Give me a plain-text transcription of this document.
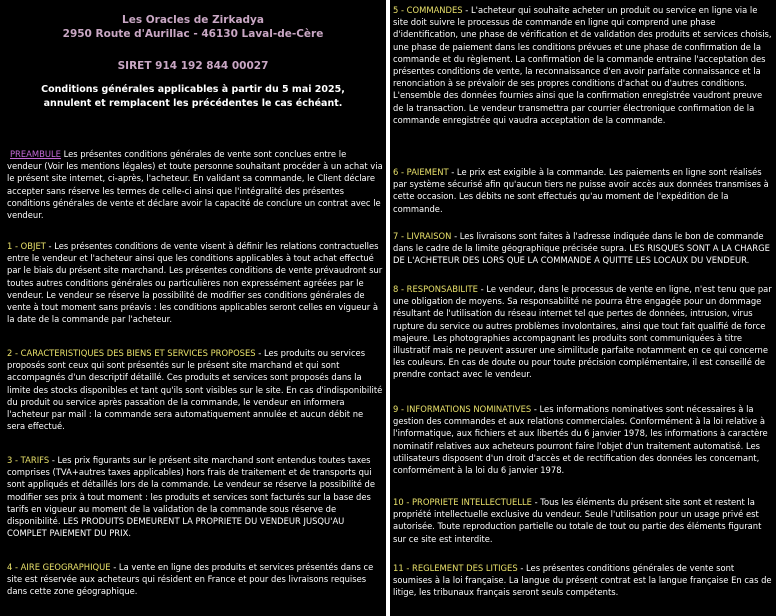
Les Oracles de Zirkadya
2950 Route d'Aurillac - 46130 Laval-de-Cère
SIRET 914 192 844 00027
Conditions générales applicables à partir du 5 mai 2025,
annulent et remplacent les précédentes le cas échéant.

PREAMBULE Les présentes conditions générales de vente sont conclues entre le vendeur (Voir les mentions légales) et toute personne souhaitant procéder à un achat via le présent site internet, ci-après, l'acheteur. En validant sa commande, le Client déclare accepter sans réserve les termes de celle-ci ainsi que l'intégralité des présentes conditions générales de vente et déclare avoir la capacité de conclure un contrat avec le vendeur.

1 - OBJET - Les présentes conditions de vente visent à définir les relations contractuelles entre le vendeur et l'acheteur ainsi que les conditions applicables à tout achat effectué par le biais du présent site marchand. Les présentes conditions de vente prévaudront sur toutes autres conditions générales ou particulières non expressément agréées par le vendeur. Le vendeur se réserve la possibilité de modifier ses conditions générales de vente à tout moment sans préavis : les conditions applicables seront celles en vigueur à la date de la commande par l'acheteur.

2 - CARACTERISTIQUES DES BIENS ET SERVICES PROPOSES - Les produits ou services proposés sont ceux qui sont présentés sur le présent site marchand et qui sont accompagnés d'un descriptif détaillé. Ces produits et services sont proposés dans la limite des stocks disponibles et tant qu'ils sont visibles sur le site. En cas d'indisponibilité du produit ou service après passation de la commande, le vendeur en informera l'acheteur par mail : la commande sera automatiquement annulée et aucun débit ne sera effectué.

3 - TARIFS - Les prix figurants sur le présent site marchand sont entendus toutes taxes comprises (TVA+autres taxes applicables) hors frais de traitement et de transports qui sont appliqués et détaillés lors de la commande. Le vendeur se réserve la possibilité de modifier ses prix à tout moment : les produits et services sont facturés sur la base des tarifs en vigueur au moment de la validation de la commande sous réserve de disponibilité. LES PRODUITS DEMEURENT LA PROPRIETE DU VENDEUR JUSQU'AU COMPLET PAIEMENT DU PRIX.

4 - AIRE GEOGRAPHIQUE - La vente en ligne des produits et services présentés dans ce site est réservée aux acheteurs qui résident en France et pour des livraisons requises dans cette zone géographique.

5 - COMMANDES - L'acheteur qui souhaite acheter un produit ou service en ligne via le site doit suivre le processus de commande en ligne qui comprend une phase d'identification, une phase de vérification et de validation des produits et services choisis, une phase de paiement dans les conditions prévues et une phase de confirmation de la commande et du règlement. La confirmation de la commande entraine l'acceptation des présentes conditions de vente, la reconnaissance d'en avoir parfaite connaissance et la renonciation à se prévaloir de ses propres conditions d'achat ou d'autres conditions. L'ensemble des données fournies ainsi que la confirmation enregistrée vaudront preuve de la transaction. Le vendeur transmettra par courrier électronique confirmation de la commande enregistrée qui vaudra acceptation de la commande.

6 - PAIEMENT - Le prix est exigible à la commande. Les paiements en ligne sont réalisés par système sécurisé afin qu'aucun tiers ne puisse avoir accès aux données transmises à cette occasion. Les débits ne sont effectués qu'au moment de l'expédition de la commande.

7 - LIVRAISON - Les livraisons sont faites à l'adresse indiquée dans le bon de commande dans le cadre de la limite géographique précisée supra. LES RISQUES SONT A LA CHARGE DE L'ACHETEUR DES LORS QUE LA COMMANDE A QUITTE LES LOCAUX DU VENDEUR.

8 - RESPONSABILITE - Le vendeur, dans le processus de vente en ligne, n'est tenu que par une obligation de moyens. Sa responsabilité ne pourra être engagée pour un dommage résultant de l'utilisation du réseau internet tel que pertes de données, intrusion, virus rupture du service ou autres problèmes involontaires, ainsi que tout fait qualifié de force majeure. Les photographies accompagnant les produits sont communiquées à titre illustratif mais ne peuvent assurer une similitude parfaite notamment en ce qui concerne les couleurs. En cas de doute ou pour toute précision complémentaire, il est conseillé de prendre contact avec le vendeur.

9 - INFORMATIONS NOMINATIVES - Les informations nominatives sont nécessaires à la gestion des commandes et aux relations commerciales. Conformément à la loi relative à l'informatique, aux fichiers et aux libertés du 6 janvier 1978, les informations à caractère nominatif relatives aux acheteurs pourront faire l'objet d'un traitement automatisé. Les utilisateurs disposent d'un droit d'accès et de rectification des données les concernant, conformément à la loi du 6 janvier 1978.

10 - PROPRIETE INTELLECTUELLE - Tous les éléments du présent site sont et restent la propriété intellectuelle exclusive du vendeur. Seule l'utilisation pour un usage privé est autorisée. Toute reproduction partielle ou totale de tout ou partie des éléments figurant sur ce site est interdite.

11 - REGLEMENT DES LITIGES - Les présentes conditions générales de vente sont soumises à la loi française. La langue du présent contrat est la langue française En cas de litige, les tribunaux français seront seuls compétents.
